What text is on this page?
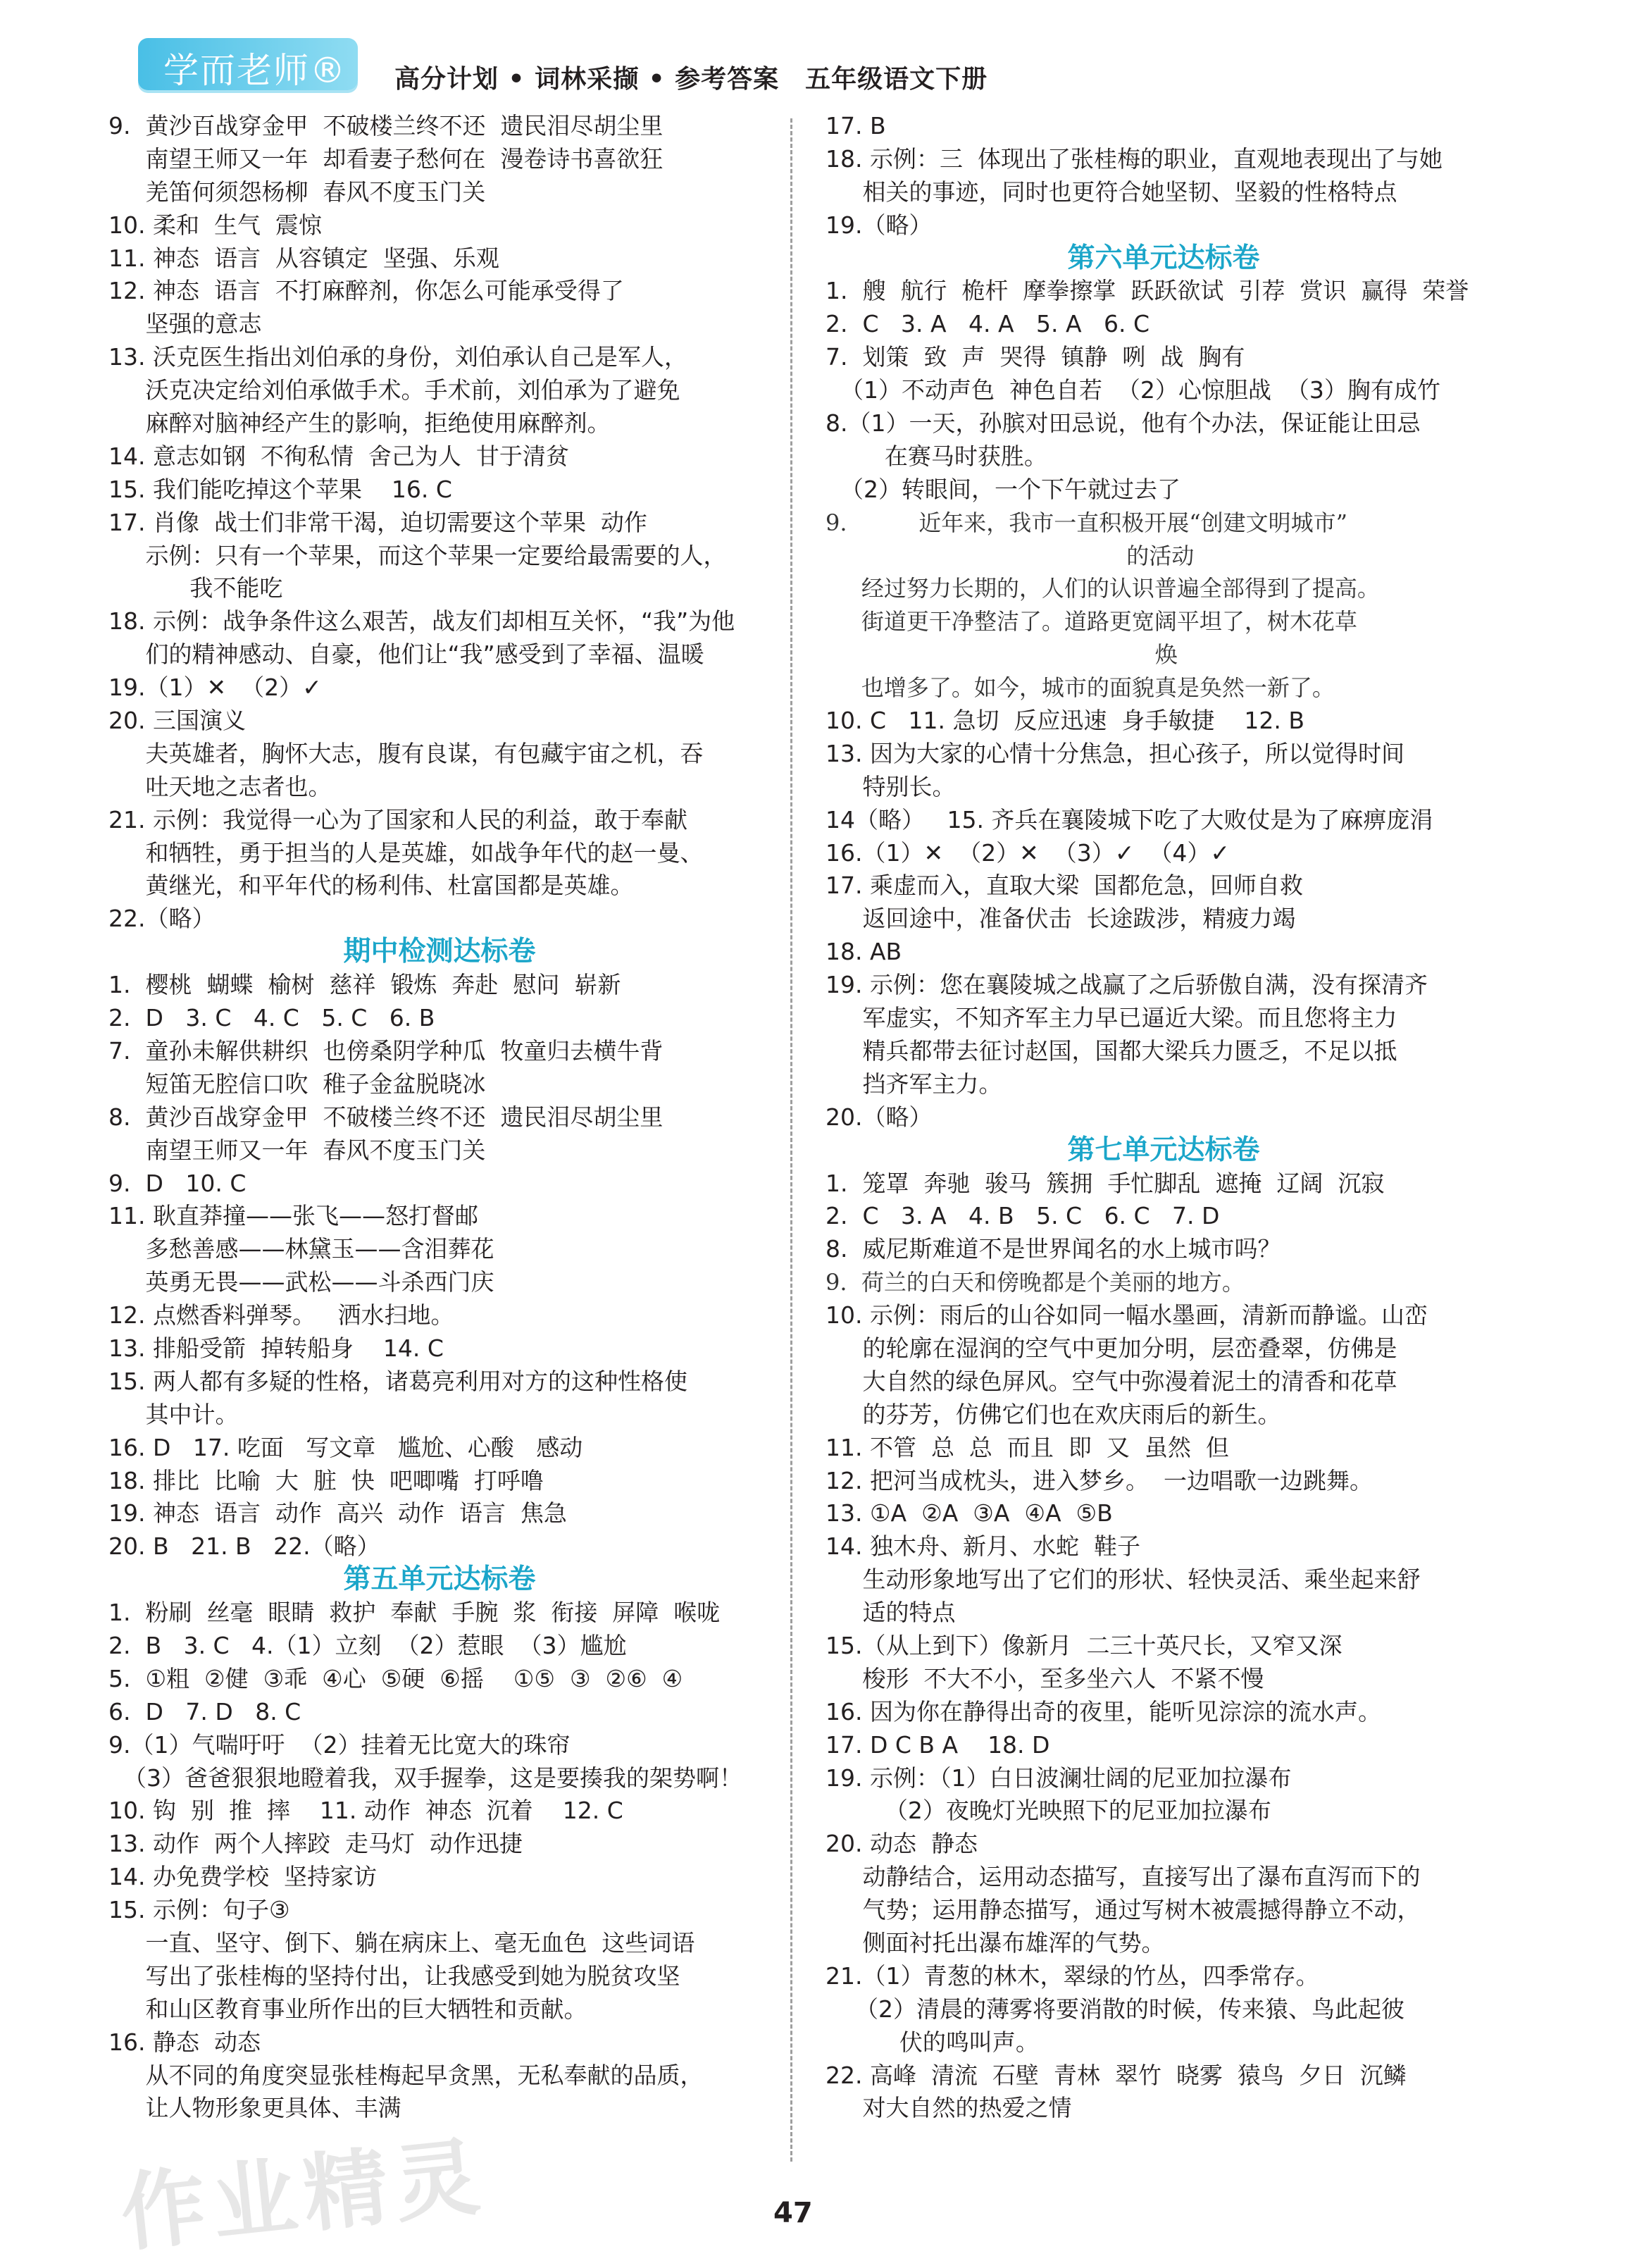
学而老师® 高分计划 • 词林采撷 • 参考答案　五年级语文下册
9.  黄沙百战穿金甲  不破楼兰终不还  遗民泪尽胡尘里
南望王师又一年  却看妻子愁何在  漫卷诗书喜欲狂
羌笛何须怨杨柳  春风不度玉门关
10. 柔和  生气  震惊
11. 神态  语言  从容镇定  坚强、乐观
12. 神态  语言  不打麻醉剂，你怎么可能承受得了
坚强的意志
13. 沃克医生指出刘伯承的身份，刘伯承认自己是军人，
沃克决定给刘伯承做手术。手术前，刘伯承为了避免
麻醉对脑神经产生的影响，拒绝使用麻醉剂。
14. 意志如钢  不徇私情  舍己为人  甘于清贫
15. 我们能吃掉这个苹果    16. C
17. 肖像  战士们非常干渴，迫切需要这个苹果  动作
示例：只有一个苹果，而这个苹果一定要给最需要的人，
我不能吃
18. 示例：战争条件这么艰苦，战友们却相互关怀，“我”为他
们的精神感动、自豪，他们让“我”感受到了幸福、温暖
19.（1）✕  （2）✓
20. 三国演义
夫英雄者，胸怀大志，腹有良谋，有包藏宇宙之机，吞
吐天地之志者也。
21. 示例：我觉得一心为了国家和人民的利益，敢于奉献
和牺牲，勇于担当的人是英雄，如战争年代的赵一曼、
黄继光，和平年代的杨利伟、杜富国都是英雄。
22.（略）
期中检测达标卷
1.  樱桃  蝴蝶  榆树  慈祥  锻炼  奔赴  慰问  崭新
2.  D   3. C   4. C   5. C   6. B
7.  童孙未解供耕织  也傍桑阴学种瓜  牧童归去横牛背
短笛无腔信口吹  稚子金盆脱晓冰
8.  黄沙百战穿金甲  不破楼兰终不还  遗民泪尽胡尘里
南望王师又一年  春风不度玉门关
9.  D   10. C
11. 耿直莽撞——张飞——怒打督邮
多愁善感——林黛玉——含泪葬花
英勇无畏——武松——斗杀西门庆
12. 点燃香料弹琴。   洒水扫地。
13. 排船受箭  掉转船身    14. C
15. 两人都有多疑的性格，诸葛亮利用对方的这种性格使
其中计。
16. D   17. 吃面   写文章   尴尬、心酸   感动
18. 排比  比喻  大  脏  快  吧唧嘴  打呼噜
19. 神态  语言  动作  高兴  动作  语言  焦急
20. B   21. B   22.（略）
第五单元达标卷
1.  粉刷  丝毫  眼睛  救护  奉献  手腕  浆  衔接  屏障  喉咙
2.  B   3. C   4.（1）立刻  （2）惹眼  （3）尴尬
5.  ①粗  ②健  ③乖  ④心  ⑤硬  ⑥摇    ①⑤  ③  ②⑥  ④
6.  D   7. D   8. C
9.（1）气喘吁吁  （2）挂着无比宽大的珠帘
（3）爸爸狠狠地瞪着我，双手握拳，这是要揍我的架势啊！
10. 钩  别  推  摔    11. 动作  神态  沉着    12. C
13. 动作  两个人摔跤  走马灯  动作迅捷
14. 办免费学校  坚持家访
15. 示例：句子③
一直、坚守、倒下、躺在病床上、毫无血色  这些词语
写出了张桂梅的坚持付出，让我感受到她为脱贫攻坚
和山区教育事业所作出的巨大牺牲和贡献。
16. 静态  动态
从不同的角度突显张桂梅起早贪黑，无私奉献的品质，
让人物形象更具体、丰满
17. B
18. 示例：三  体现出了张桂梅的职业，直观地表现出了与她
相关的事迹，同时也更符合她坚韧、坚毅的性格特点
19.（略）
第六单元达标卷
1.  艘  航行  桅杆  摩拳擦掌  跃跃欲试  引荐  赏识  赢得  荣誉
2.  C   3. A   4. A   5. A   6. C
7.  划策  致  声  哭得  镇静  咧  战  胸有
（1）不动声色  神色自若  （2）心惊胆战  （3）胸有成竹
8.（1）一天，孙膑对田忌说，他有个办法，保证能让田忌
在赛马时获胜。
（2）转眼间，一个下午就过去了
9.          近年来，我市一直积极开展“创建文明城市”
的活动
经过努力长期的，人们的认识普遍全部得到了提高。
街道更干净整洁了。道路更宽阔平坦了，树木花草
焕
也增多了。如今，城市的面貌真是奂然一新了。
10. C   11. 急切  反应迅速  身手敏捷    12. B
13. 因为大家的心情十分焦急，担心孩子，所以觉得时间
特别长。
14（略）   15. 齐兵在襄陵城下吃了大败仗是为了麻痹庞涓
16.（1）✕  （2）✕  （3）✓  （4）✓
17. 乘虚而入，直取大梁  国都危急，回师自救
返回途中，准备伏击  长途跋涉，精疲力竭
18. AB
19. 示例：您在襄陵城之战赢了之后骄傲自满，没有探清齐
军虚实，不知齐军主力早已逼近大梁。而且您将主力
精兵都带去征讨赵国，国都大梁兵力匮乏，不足以抵
挡齐军主力。
20.（略）
第七单元达标卷
1.  笼罩  奔驰  骏马  簇拥  手忙脚乱  遮掩  辽阔  沉寂
2.  C   3. A   4. B   5. C   6. C   7. D
8.  威尼斯难道不是世界闻名的水上城市吗？
9.  荷兰的白天和傍晚都是个美丽的地方。
10. 示例：雨后的山谷如同一幅水墨画，清新而静谧。山峦
的轮廓在湿润的空气中更加分明，层峦叠翠，仿佛是
大自然的绿色屏风。空气中弥漫着泥土的清香和花草
的芬芳，仿佛它们也在欢庆雨后的新生。
11. 不管  总  总  而且  即  又  虽然  但
12. 把河当成枕头，进入梦乡。  一边唱歌一边跳舞。
13. ①A  ②A  ③A  ④A  ⑤B
14. 独木舟、新月、水蛇  鞋子
生动形象地写出了它们的形状、轻快灵活、乘坐起来舒
适的特点
15.（从上到下）像新月  二三十英尺长，又窄又深
梭形  不大不小，至多坐六人  不紧不慢
16. 因为你在静得出奇的夜里，能听见淙淙的流水声。
17. D C B A    18. D
19. 示例：（1）白日波澜壮阔的尼亚加拉瀑布
（2）夜晚灯光映照下的尼亚加拉瀑布
20. 动态  静态
动静结合，运用动态描写，直接写出了瀑布直泻而下的
气势；运用静态描写，通过写树木被震撼得静立不动，
侧面衬托出瀑布雄浑的气势。
21.（1）青葱的林木，翠绿的竹丛，四季常存。
（2）清晨的薄雾将要消散的时候，传来猿、鸟此起彼
伏的鸣叫声。
22. 高峰  清流  石壁  青林  翠竹  晓雾  猿鸟  夕日  沉鳞
对大自然的热爱之情
作业精灵	47
